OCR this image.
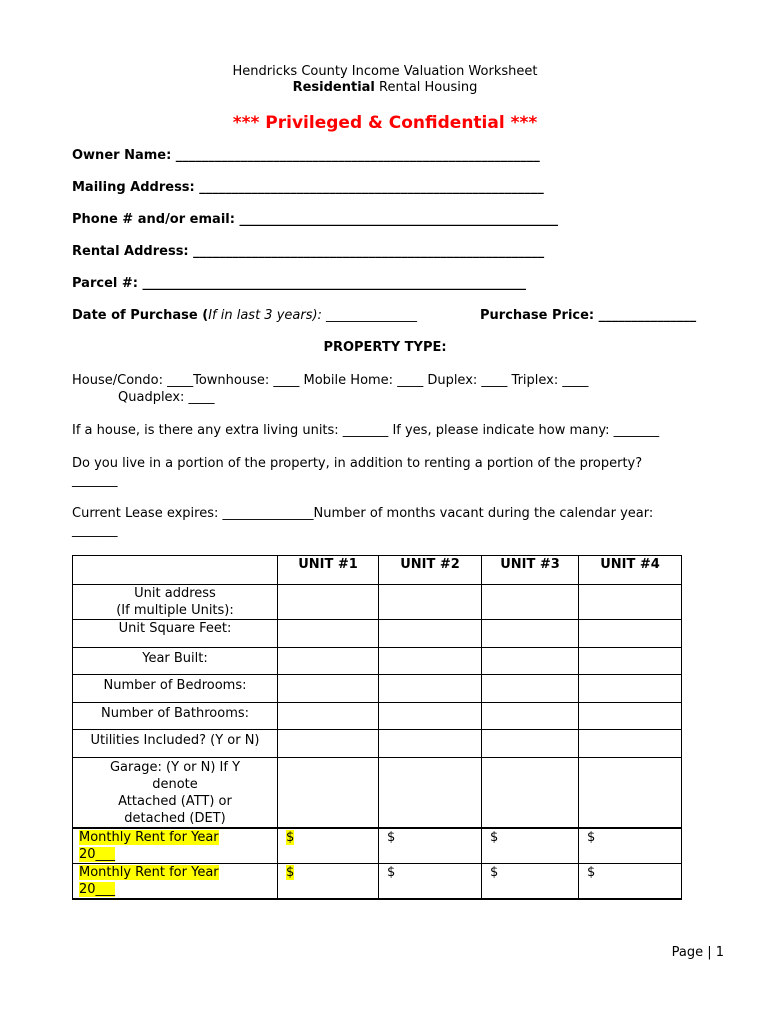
Hendricks County Income Valuation Worksheet
Residential Rental Housing
*** Privileged & Confidential ***
Owner Name: ________________________________________________________
Mailing Address: _____________________________________________________
Phone # and/or email: _________________________________________________
Rental Address: ______________________________________________________
Parcel #: ___________________________________________________________
Date of Purchase (If in last 3 years): ______________	Purchase Price: _______________
PROPERTY TYPE:
House/Condo: ____Townhouse: ____ Mobile Home: ____ Duplex: ____ Triplex: ____
Quadplex: ____
If a house, is there any extra living units: _______ If yes, please indicate how many: _______
Do you live in a portion of the property, in addition to renting a portion of the property?
_______
Current Lease expires: ______________Number of months vacant during the calendar year:
_______
	UNIT #1	UNIT #2	UNIT #3	UNIT #4

Unit address
(If multiple Units):				

Unit Square Feet:				
Year Built:				
Number of Bedrooms:				
Number of Bathrooms:				
Utilities Included? (Y or N)				

Garage: (Y or N) If Y
denote
Attached (ATT) or
detached (DET)				

Monthly Rent for Year
20___	$	$	$	$
Monthly Rent for Year
20___	$	$	$	$
Page | 1
